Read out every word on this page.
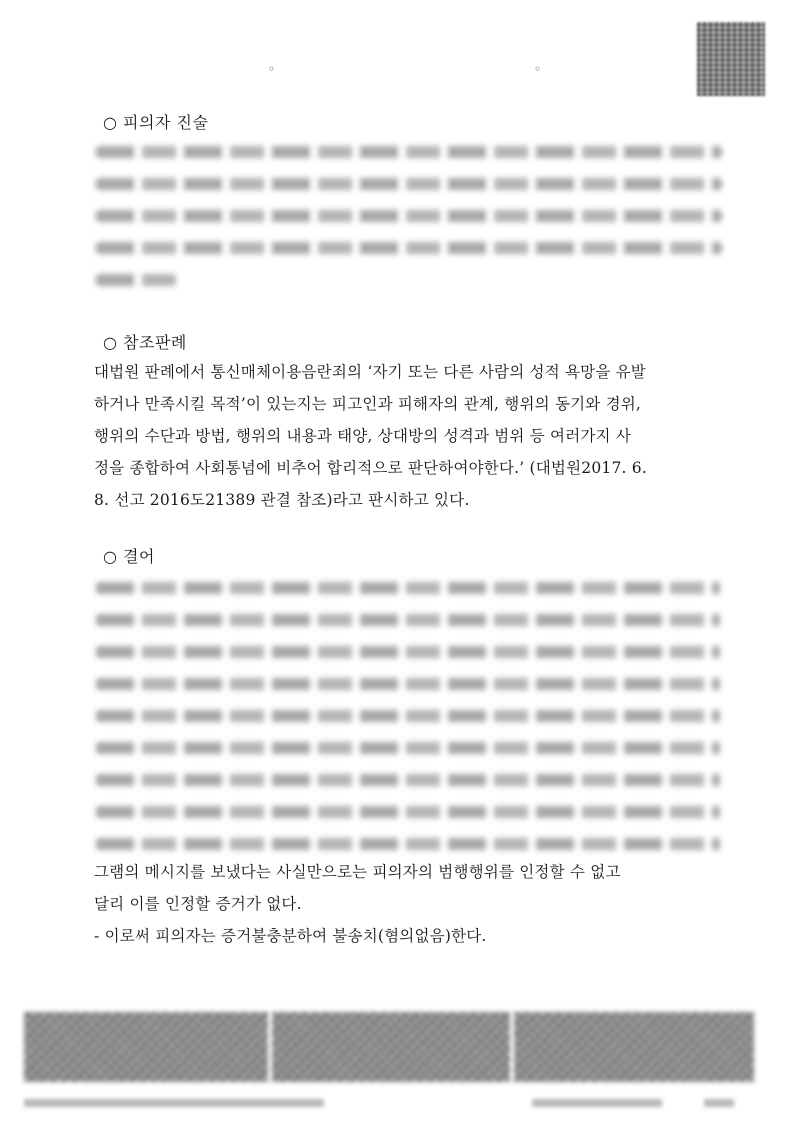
◦	◦
○ 피의자 진술
○ 참조판례
대법원 판례에서 통신매체이용음란죄의 ‘자기 또는 다른 사람의 성적 욕망을 유발
하거나 만족시킬 목적’이 있는지는 피고인과 피해자의 관계, 행위의 동기와 경위,
행위의 수단과 방법, 행위의 내용과 태양, 상대방의 성격과 범위 등 여러가지 사
정을 종합하여 사회통념에 비추어 합리적으로 판단하여야한다.’ (대법원2017. 6.
8. 선고 2016도21389 관결 참조)라고 판시하고 있다.
○ 결어
그램의 메시지를 보냈다는 사실만으로는 피의자의 범행행위를 인정할 수 없고
달리 이를 인정할 증거가 없다.
- 이로써 피의자는 증거불충분하여 불송치(혐의없음)한다.
